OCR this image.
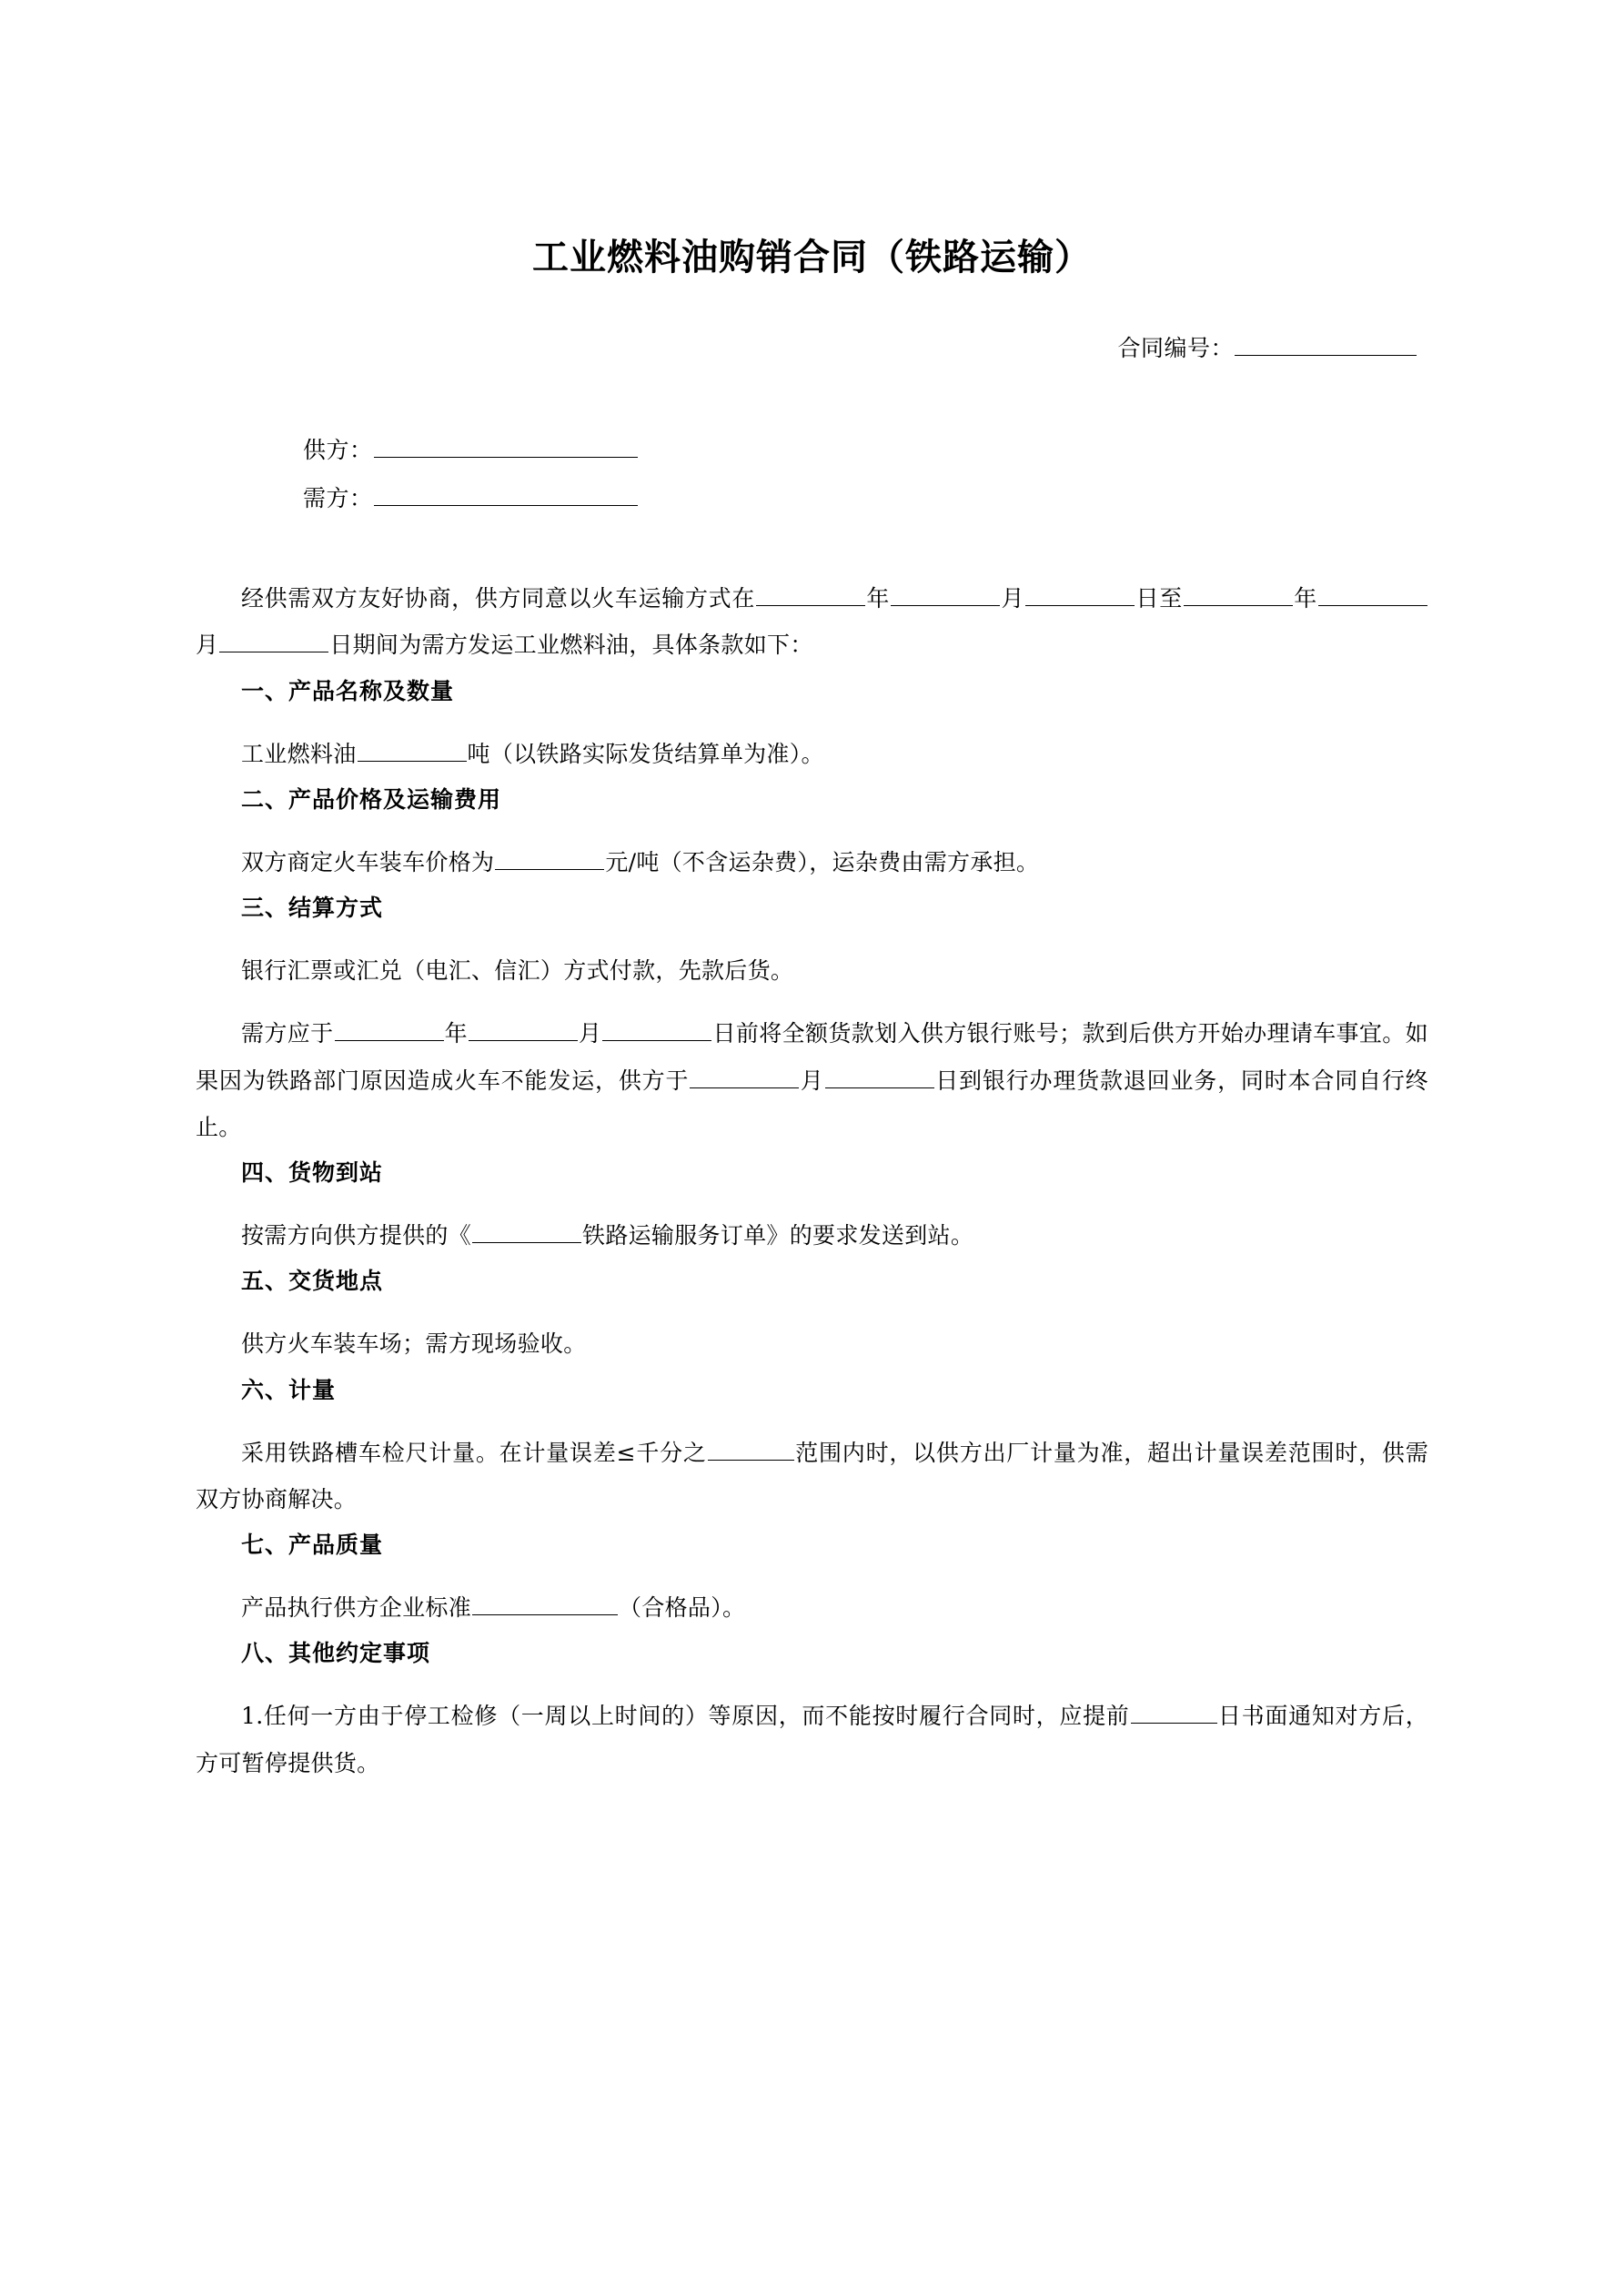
工业燃料油购销合同（铁路运输）
合同编号：
供方：
需方：

经供需双方友好协商，供方同意以火车运输方式在	年	月	日至	年月	日期间为需方发运工业燃料油，具体条款如下：

一、产品名称及数量

工业燃料油	吨（以铁路实际发货结算单为准）。

二、产品价格及运输费用

双方商定火车装车价格为	元/吨（不含运杂费），运杂费由需方承担。

三、结算方式

银行汇票或汇兑（电汇、信汇）方式付款，先款后货。

需方应于	年	月	日前将全额货款划入供方银行账号；款到后供方开始办理请车事宜。如果因为铁路部门原因造成火车不能发运，供方于	月	日到银行办理货款退回业务，同时本合同自行终止。

四、货物到站

按需方向供方提供的《	铁路运输服务订单》的要求发送到站。

五、交货地点

供方火车装车场；需方现场验收。

六、计量

采用铁路槽车检尺计量。在计量误差≤千分之	范围内时，以供方出厂计量为准，超出计量误差范围时，供需双方协商解决。

七、产品质量

产品执行供方企业标准	（合格品）。

八、其他约定事项

1.任何一方由于停工检修（一周以上时间的）等原因，而不能按时履行合同时，应提前	日书面通知对方后，方可暂停提供货。
